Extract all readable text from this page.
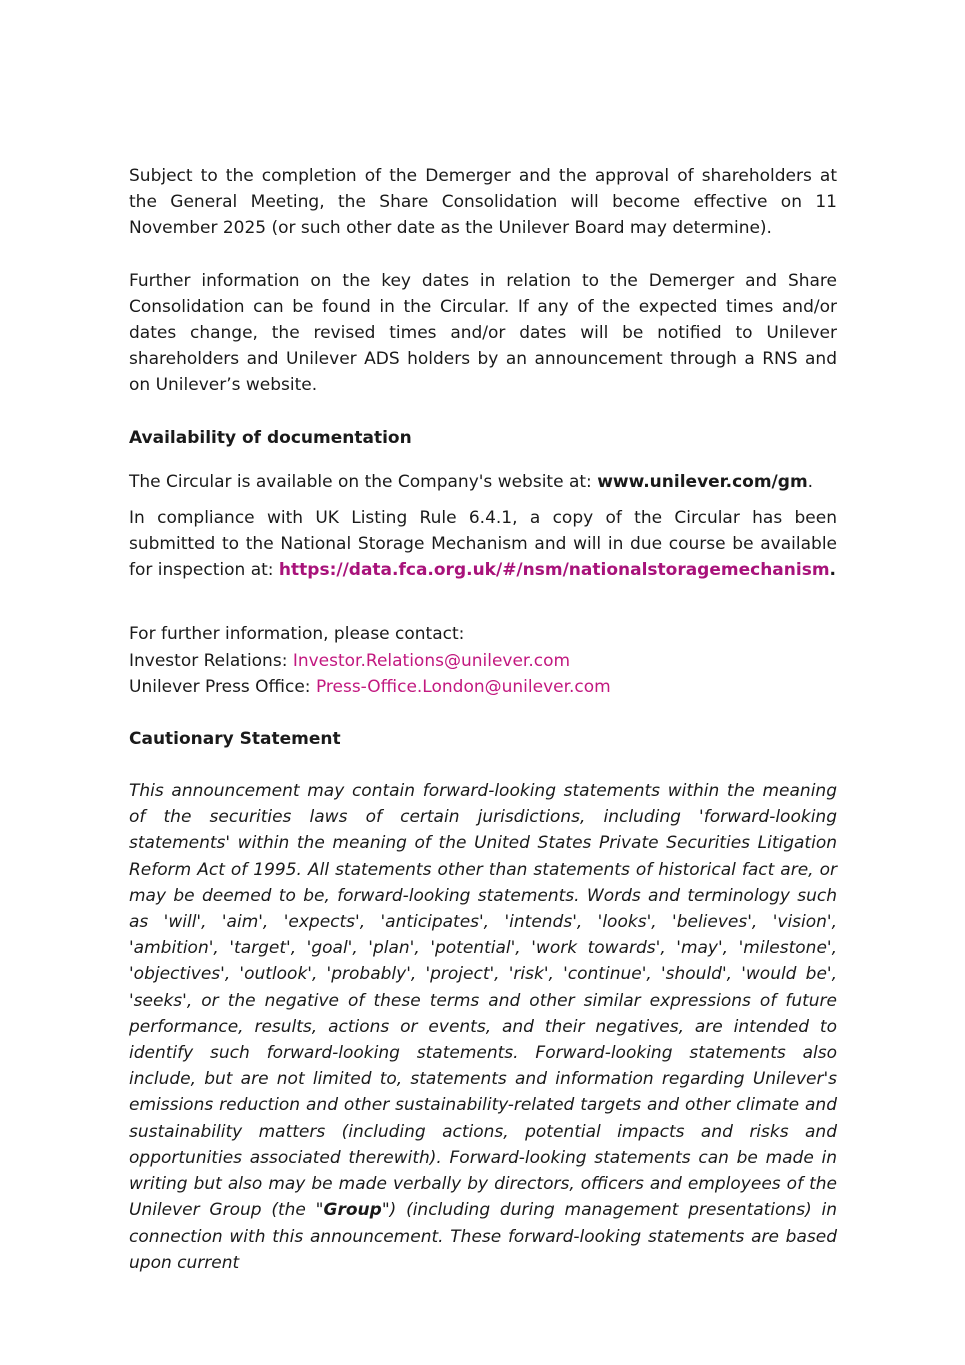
Subject to the completion of the Demerger and the approval of shareholders at the General Meeting, the Share Consolidation will become effective on 11 November 2025 (or such other date as the Unilever Board may determine).

Further information on the key dates in relation to the Demerger and Share Consolidation can be found in the Circular. If any of the expected times and/or dates change, the revised times and/or dates will be notified to Unilever shareholders and Unilever ADS holders by an announcement through a RNS and on Unilever’s website.

Availability of documentation

The Circular is available on the Company's website at: www.unilever.com/gm.

In compliance with UK Listing Rule 6.4.1, a copy of the Circular has been submitted to the National Storage Mechanism and will in due course be available for inspection at: https://data.fca.org.uk/#/nsm/nationalstoragemechanism.

For further information, please contact:

Investor Relations: Investor.Relations@unilever.com

Unilever Press Office: Press-Office.London@unilever.com

Cautionary Statement

This announcement may contain forward-looking statements within the meaning of the securities laws of certain jurisdictions, including 'forward-looking statements' within the meaning of the United States Private Securities Litigation Reform Act of 1995. All statements other than statements of historical fact are, or may be deemed to be, forward-looking statements. Words and terminology such as 'will', 'aim', 'expects', 'anticipates', 'intends', 'looks', 'believes', 'vision', 'ambition', 'target', 'goal', 'plan', 'potential', 'work towards', 'may', 'milestone', 'objectives', 'outlook', 'probably', 'project', 'risk', 'continue', 'should', 'would be', 'seeks', or the negative of these terms and other similar expressions of future performance, results, actions or events, and their negatives, are intended to identify such forward-looking statements. Forward-looking statements also include, but are not limited to, statements and information regarding Unilever's emissions reduction and other sustainability-related targets and other climate and sustainability matters (including actions, potential impacts and risks and opportunities associated therewith). Forward-looking statements can be made in writing but also may be made verbally by directors, officers and employees of the Unilever Group (the "Group") (including during management presentations) in connection with this announcement. These forward-looking statements are based upon current
